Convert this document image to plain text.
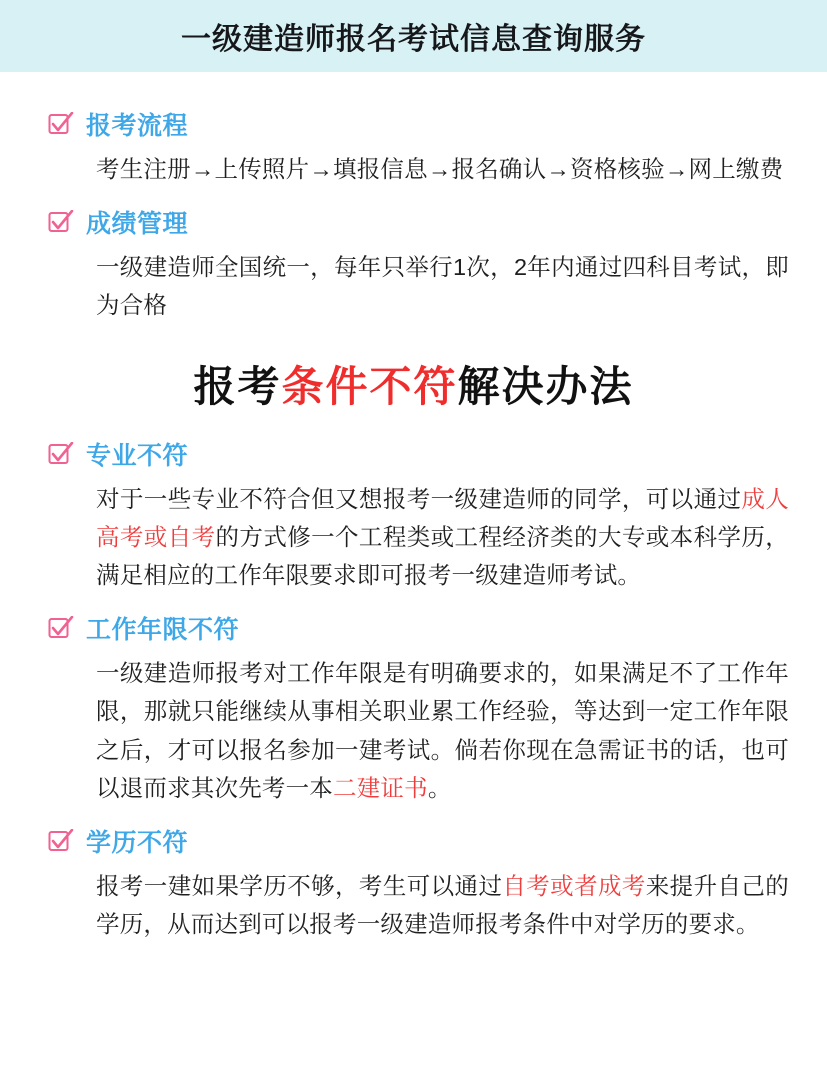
一级建造师报名考试信息查询服务
报考流程

考生注册→上传照片→填报信息→报名确认→资格核验→网上缴费

成绩管理

一级建造师全国统一，每年只举行1次，2年内通过四科目考试，即为合格

报考条件不符解决办法
专业不符

对于一些专业不符合但又想报考一级建造师的同学，可以通过成人高考或自考的方式修一个工程类或工程经济类的大专或本科学历，满足相应的工作年限要求即可报考一级建造师考试。

工作年限不符

一级建造师报考对工作年限是有明确要求的，如果满足不了工作年限，那就只能继续从事相关职业累工作经验，等达到一定工作年限之后，才可以报名参加一建考试。倘若你现在急需证书的话，也可以退而求其次先考一本二建证书。

学历不符

报考一建如果学历不够，考生可以通过自考或者成考来提升自己的学历，从而达到可以报考一级建造师报考条件中对学历的要求。
